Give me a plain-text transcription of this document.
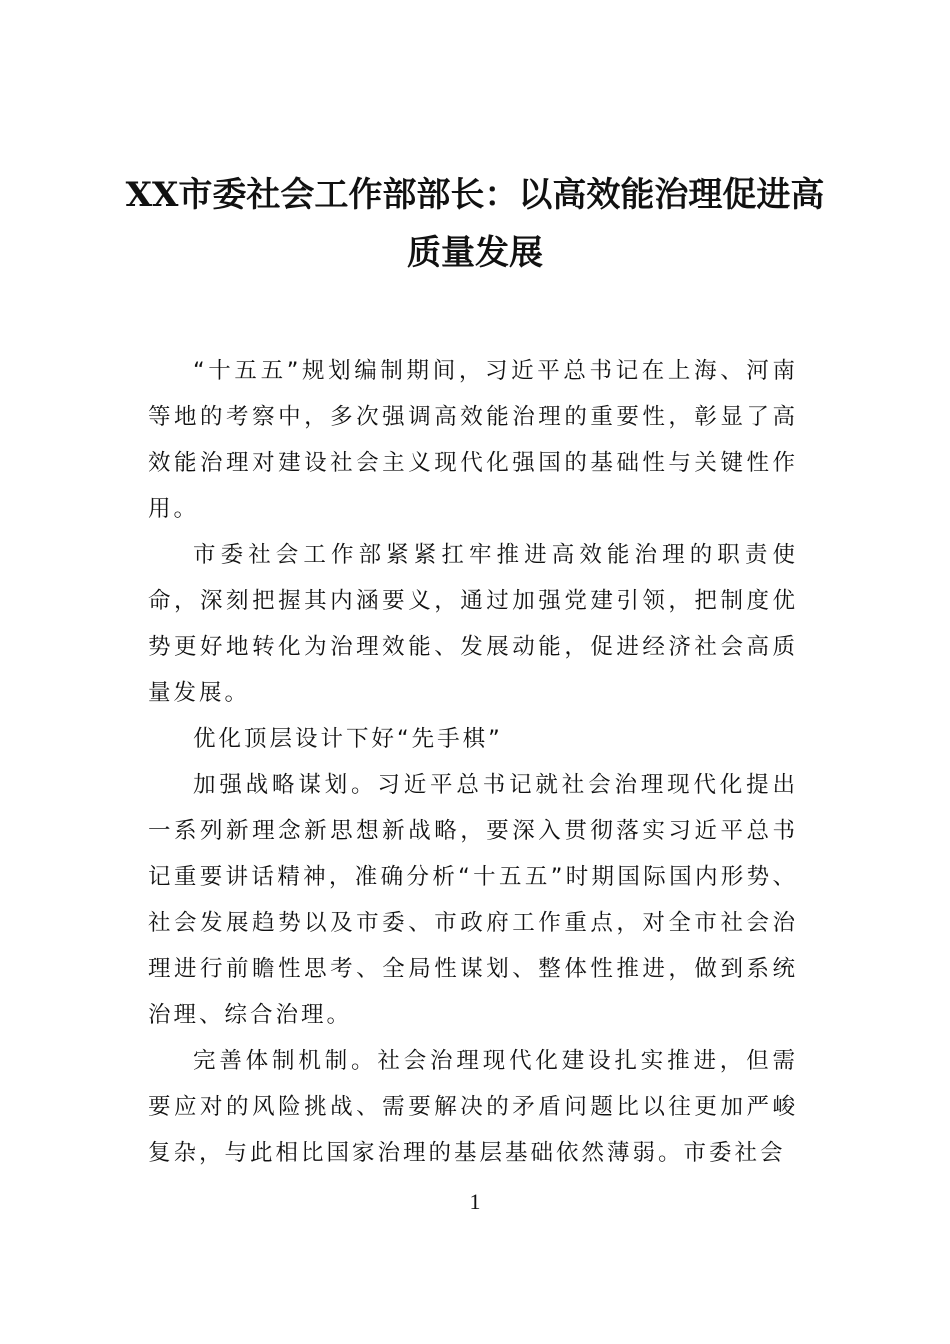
XX市委社会工作部部长：以高效能治理促进高质量发展

“十五五”规划编制期间，习近平总书记在上海、河南等地的考察中，多次强调高效能治理的重要性，彰显了高效能治理对建设社会主义现代化强国的基础性与关键性作用。

市委社会工作部紧紧扛牢推进高效能治理的职责使命，深刻把握其内涵要义，通过加强党建引领，把制度优势更好地转化为治理效能、发展动能，促进经济社会高质量发展。

优化顶层设计下好“先手棋”

加强战略谋划。习近平总书记就社会治理现代化提出一系列新理念新思想新战略，要深入贯彻落实习近平总书记重要讲话精神，准确分析“十五五”时期国际国内形势、社会发展趋势以及市委、市政府工作重点，对全市社会治理进行前瞻性思考、全局性谋划、整体性推进，做到系统治理、综合治理。

完善体制机制。社会治理现代化建设扎实推进，但需要应对的风险挑战、需要解决的矛盾问题比以往更加严峻复杂，与此相比国家治理的基层基础依然薄弱。市委社会

1
